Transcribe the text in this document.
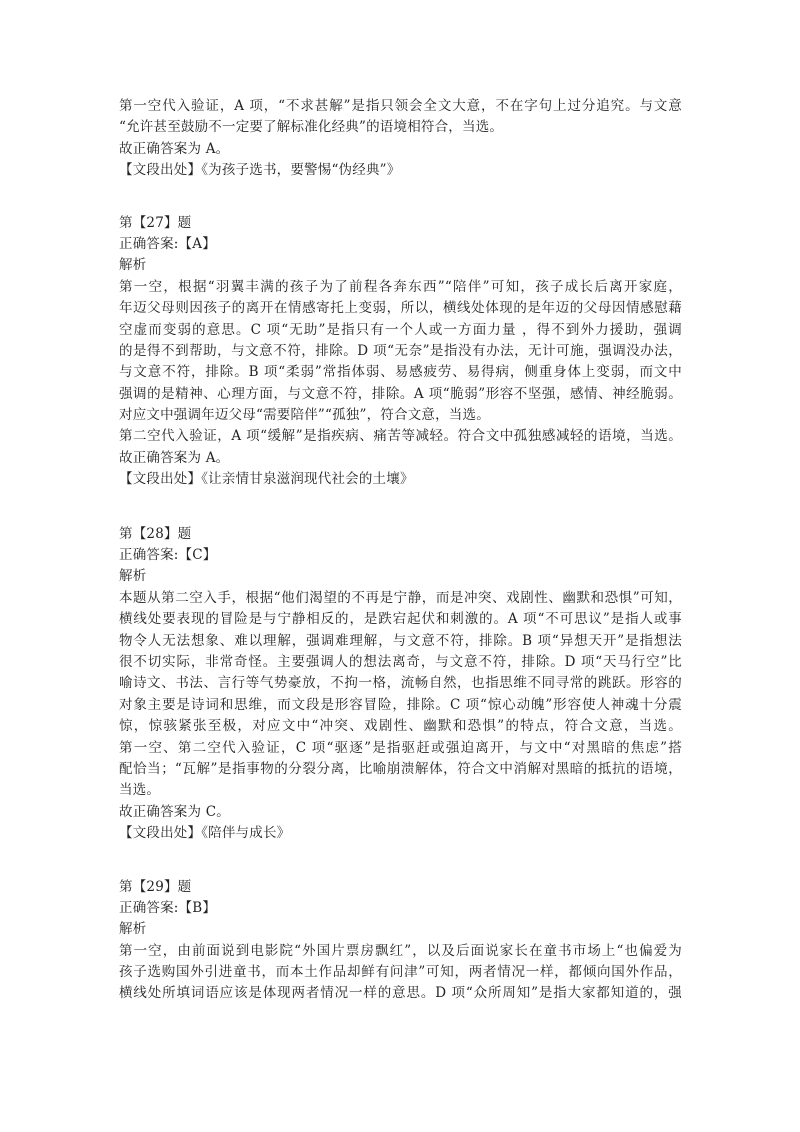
第一空代入验证，A 项，“不求甚解”是指只领会全文大意，不在字句上过分追究。与文意
“允许甚至鼓励不一定要了解标准化经典”的语境相符合，当选。
故正确答案为 A。
【文段出处】《为孩子选书，要警惕“伪经典”》
第【27】题
正确答案:【A】
解析
第一空，根据“羽翼丰满的孩子为了前程各奔东西”“陪伴”可知，孩子成长后离开家庭，
年迈父母则因孩子的离开在情感寄托上变弱，所以，横线处体现的是年迈的父母因情感慰藉
空虚而变弱的意思。C 项“无助”是指只有一个人或一方面力量 ，得不到外力援助，强调
的是得不到帮助，与文意不符，排除。D 项“无奈”是指没有办法，无计可施，强调没办法，
与文意不符，排除。B 项“柔弱”常指体弱、易感疲劳、易得病，侧重身体上变弱，而文中
强调的是精神、心理方面，与文意不符，排除。A 项“脆弱”形容不坚强，感情、神经脆弱。
对应文中强调年迈父母“需要陪伴”“孤独”，符合文意，当选。
第二空代入验证，A 项“缓解”是指疾病、痛苦等减轻。符合文中孤独感减轻的语境，当选。
故正确答案为 A。
【文段出处】《让亲情甘泉滋润现代社会的土壤》
第【28】题
正确答案:【C】
解析
本题从第二空入手，根据“他们渴望的不再是宁静，而是冲突、戏剧性、幽默和恐惧”可知，
横线处要表现的冒险是与宁静相反的，是跌宕起伏和刺激的。A 项“不可思议”是指人或事
物令人无法想象、难以理解，强调难理解，与文意不符，排除。B 项“异想天开”是指想法
很不切实际，非常奇怪。主要强调人的想法离奇，与文意不符，排除。D 项“天马行空”比
喻诗文、书法、言行等气势豪放，不拘一格，流畅自然，也指思维不同寻常的跳跃。形容的
对象主要是诗词和思维，而文段是形容冒险，排除。C 项“惊心动魄”形容使人神魂十分震
惊，惊骇紧张至极，对应文中“冲突、戏剧性、幽默和恐惧”的特点，符合文意，当选。
第一空、第二空代入验证，C 项“驱逐”是指驱赶或强迫离开，与文中“对黑暗的焦虑”搭
配恰当；“瓦解”是指事物的分裂分离，比喻崩溃解体，符合文中消解对黑暗的抵抗的语境，
当选。
故正确答案为 C。
【文段出处】《陪伴与成长》
第【29】题
正确答案:【B】
解析
第一空，由前面说到电影院“外国片票房飘红”，以及后面说家长在童书市场上“也偏爱为
孩子选购国外引进童书，而本土作品却鲜有问津”可知，两者情况一样，都倾向国外作品，
横线处所填词语应该是体现两者情况一样的意思。D 项“众所周知”是指大家都知道的，强
